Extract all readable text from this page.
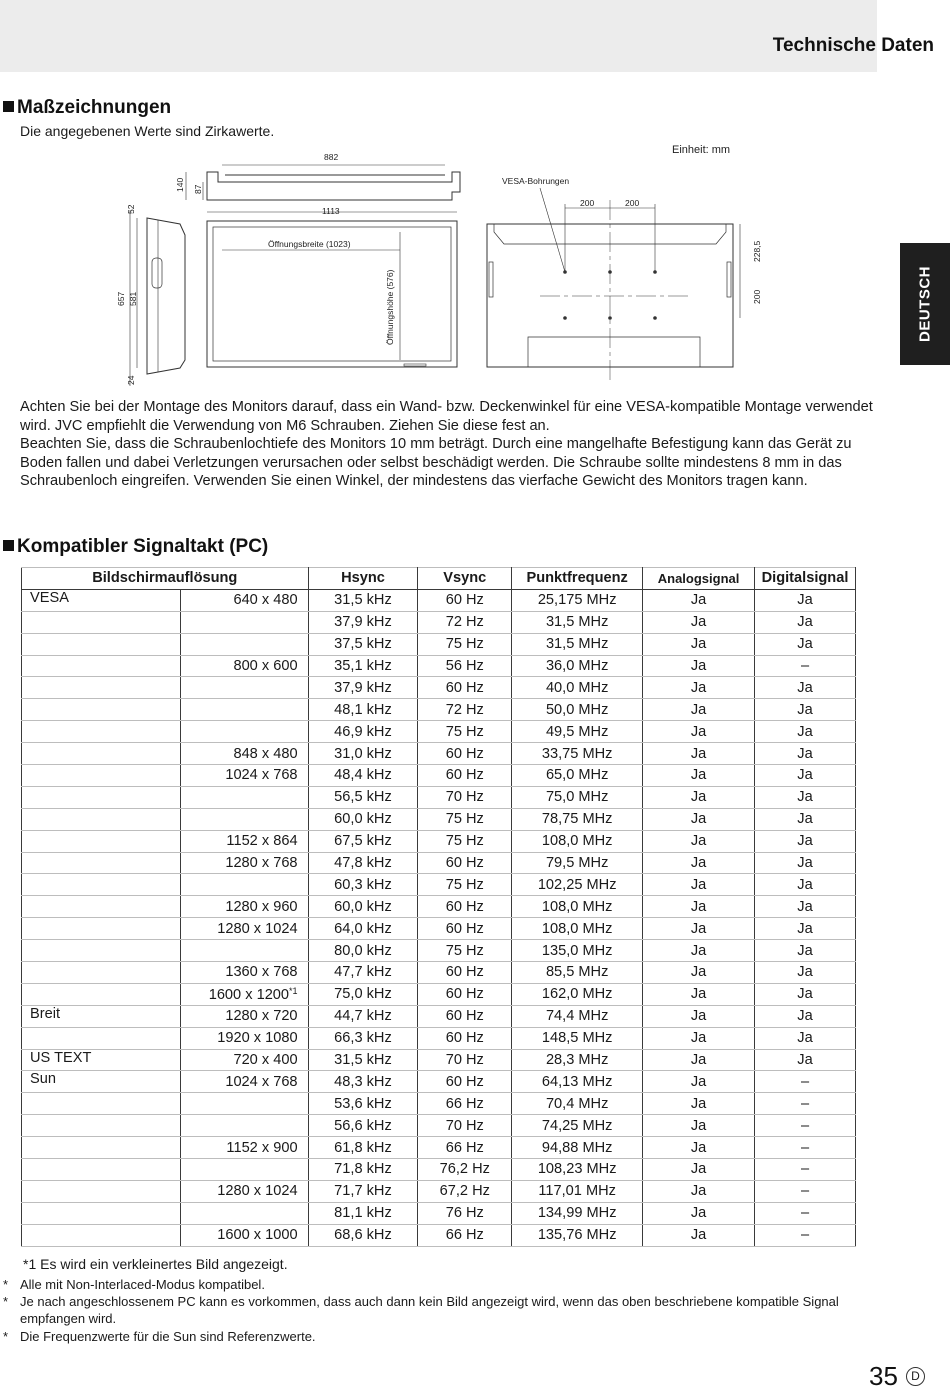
Technische Daten
DEUTSCH
Maßzeichnungen
Die angegebenen Werte sind Zirkawerte.
882
1113
Öffnungsbreite (1023)
Öffnungshöhe (576)
140 87
52
657 581
24
VESA-Bohrungen
200	200
228,5
200
Einheit: mm
Achten Sie bei der Montage des Monitors darauf, dass ein Wand- bzw. Deckenwinkel für eine VESA-kompatible Montage verwendet wird. JVC empfiehlt die Verwendung von M6 Schrauben. Ziehen Sie diese fest an.
Beachten Sie, dass die Schraubenlochtiefe des Monitors 10 mm beträgt. Durch eine mangelhafte Befestigung kann das Gerät zu Boden fallen und dabei Verletzungen verursachen oder selbst beschädigt werden. Die Schraube sollte mindestens 8 mm in das Schraubenloch eingreifen. Verwenden Sie einen Winkel, der mindestens das vierfache Gewicht des Monitors tragen kann.
Kompatibler Signaltakt (PC)
Bildschirmauflösung		Hsync	Vsync	Punktfrequenz	Analogsignal	Digitalsignal
VESA	640 x 480	31,5 kHz	60 Hz	25,175 MHz	Ja	Ja
		37,9 kHz	72 Hz	31,5 MHz	Ja	Ja
		37,5 kHz	75 Hz	31,5 MHz	Ja	Ja
	800 x 600	35,1 kHz	56 Hz	36,0 MHz	Ja	–
		37,9 kHz	60 Hz	40,0 MHz	Ja	Ja
		48,1 kHz	72 Hz	50,0 MHz	Ja	Ja
		46,9 kHz	75 Hz	49,5 MHz	Ja	Ja
	848 x 480	31,0 kHz	60 Hz	33,75 MHz	Ja	Ja
	1024 x 768	48,4 kHz	60 Hz	65,0 MHz	Ja	Ja
		56,5 kHz	70 Hz	75,0 MHz	Ja	Ja
		60,0 kHz	75 Hz	78,75 MHz	Ja	Ja
	1152 x 864	67,5 kHz	75 Hz	108,0 MHz	Ja	Ja
	1280 x 768	47,8 kHz	60 Hz	79,5 MHz	Ja	Ja
		60,3 kHz	75 Hz	102,25 MHz	Ja	Ja
	1280 x 960	60,0 kHz	60 Hz	108,0 MHz	Ja	Ja
	1280 x 1024	64,0 kHz	60 Hz	108,0 MHz	Ja	Ja
		80,0 kHz	75 Hz	135,0 MHz	Ja	Ja
	1360 x 768	47,7 kHz	60 Hz	85,5 MHz	Ja	Ja
	1600 x 1200$^{*1}$	75,0 kHz	60 Hz	162,0 MHz	Ja	Ja
Breit	1280 x 720	44,7 kHz	60 Hz	74,4 MHz	Ja	Ja
	1920 x 1080	66,3 kHz	60 Hz	148,5 MHz	Ja	Ja
US TEXT	720 x 400	31,5 kHz	70 Hz	28,3 MHz	Ja	Ja
Sun	1024 x 768	48,3 kHz	60 Hz	64,13 MHz	Ja	–
		53,6 kHz	66 Hz	70,4 MHz	Ja	–
		56,6 kHz	70 Hz	74,25 MHz	Ja	–
	1152 x 900	61,8 kHz	66 Hz	94,88 MHz	Ja	–
		71,8 kHz	76,2 Hz	108,23 MHz	Ja	–
	1280 x 1024	71,7 kHz	67,2 Hz	117,01 MHz	Ja	–
		81,1 kHz	76 Hz	134,99 MHz	Ja	–
	1600 x 1000	68,6 kHz	66 Hz	135,76 MHz	Ja	–
*1 Es wird ein verkleinertes Bild angezeigt.
* Alle mit Non-Interlaced-Modus kompatibel.
* Je nach angeschlossenem PC kann es vorkommen, dass auch dann kein Bild angezeigt wird, wenn das oben beschriebene kompatible Signal empfangen wird.
* Die Frequenzwerte für die Sun sind Referenzwerte.
35	D
